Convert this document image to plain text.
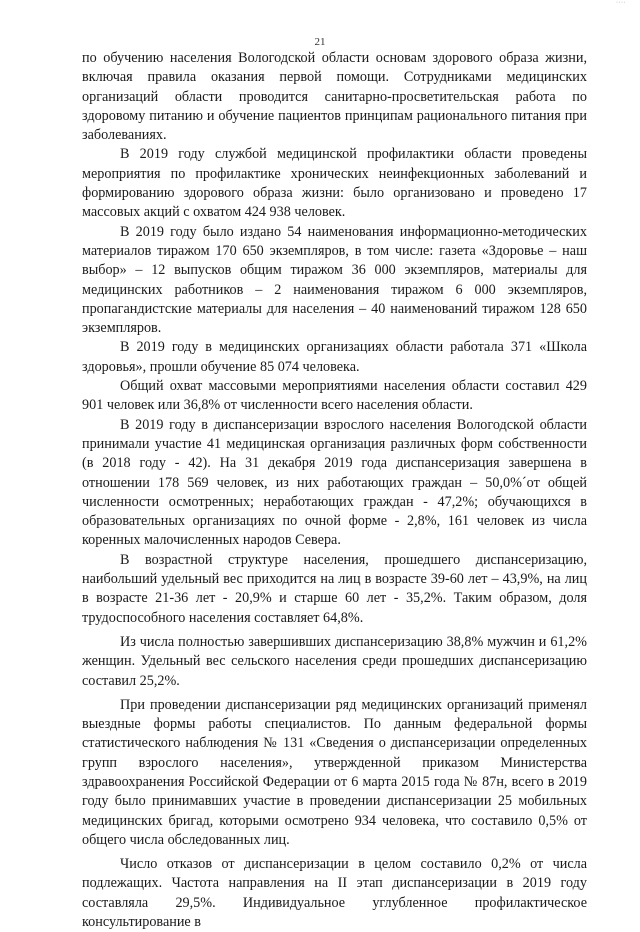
····
21

по обучению населения Вологодской области основам здорового образа жизни, включая правила оказания первой помощи. Сотрудниками медицинских организаций области проводится санитарно-просветительская работа по здоровому питанию и обучение пациентов принципам рационального питания при заболеваниях.

В 2019 году службой медицинской профилактики области проведены мероприятия по профилактике хронических неинфекционных заболеваний и формированию здорового образа жизни: было организовано и проведено 17 массовых акций с охватом 424 938 человек.

В 2019 году было издано 54 наименования информационно-методических материалов тиражом 170 650 экземпляров, в том числе: газета «Здоровье – наш выбор» – 12 выпусков общим тиражом 36 000 экземпляров, материалы для медицинских работников – 2 наименования тиражом 6 000 экземпляров, пропагандистские материалы для населения – 40 наименований тиражом 128 650 экземпляров.

В 2019 году в медицинских организациях области работала 371 «Школа здоровья», прошли обучение 85 074 человека.

Общий охват массовыми мероприятиями населения области составил 429 901 человек или 36,8% от численности всего населения области.

В 2019 году в диспансеризации взрослого населения Вологодской области принимали участие 41 медицинская организация различных форм собственности (в 2018 году - 42). На 31 декабря 2019 года диспансеризация завершена в отношении 178 569 человек, из них работающих граждан – 50,0%´от общей численности осмотренных; неработающих граждан - 47,2%; обучающихся в образовательных организациях по очной форме - 2,8%, 161 человек из числа коренных малочисленных народов Севера.

В возрастной структуре населения, прошедшего диспансеризацию, наибольший удельный вес приходится на лиц в возрасте 39-60 лет – 43,9%, на лиц в возрасте 21-36 лет - 20,9% и старше 60 лет - 35,2%. Таким образом, доля трудоспособного населения составляет 64,8%.

Из числа полностью завершивших диспансеризацию 38,8% мужчин и 61,2% женщин. Удельный вес сельского населения среди прошедших диспансеризацию составил 25,2%.

При проведении диспансеризации ряд медицинских организаций применял выездные формы работы специалистов. По данным федеральной формы статистического наблюдения № 131 «Сведения о диспансеризации определенных групп взрослого населения», утвержденной приказом Министерства здравоохранения Российской Федерации от 6 марта 2015 года № 87н, всего в 2019 году было принимавших участие в проведении диспансеризации 25 мобильных медицинских бригад, которыми осмотрено 934 человека, что составило 0,5% от общего числа обследованных лиц.

Число отказов от диспансеризации в целом составило 0,2% от числа подлежащих. Частота направления на II этап диспансеризации в 2019 году составляла 29,5%. Индивидуальное углубленное профилактическое консультирование в
